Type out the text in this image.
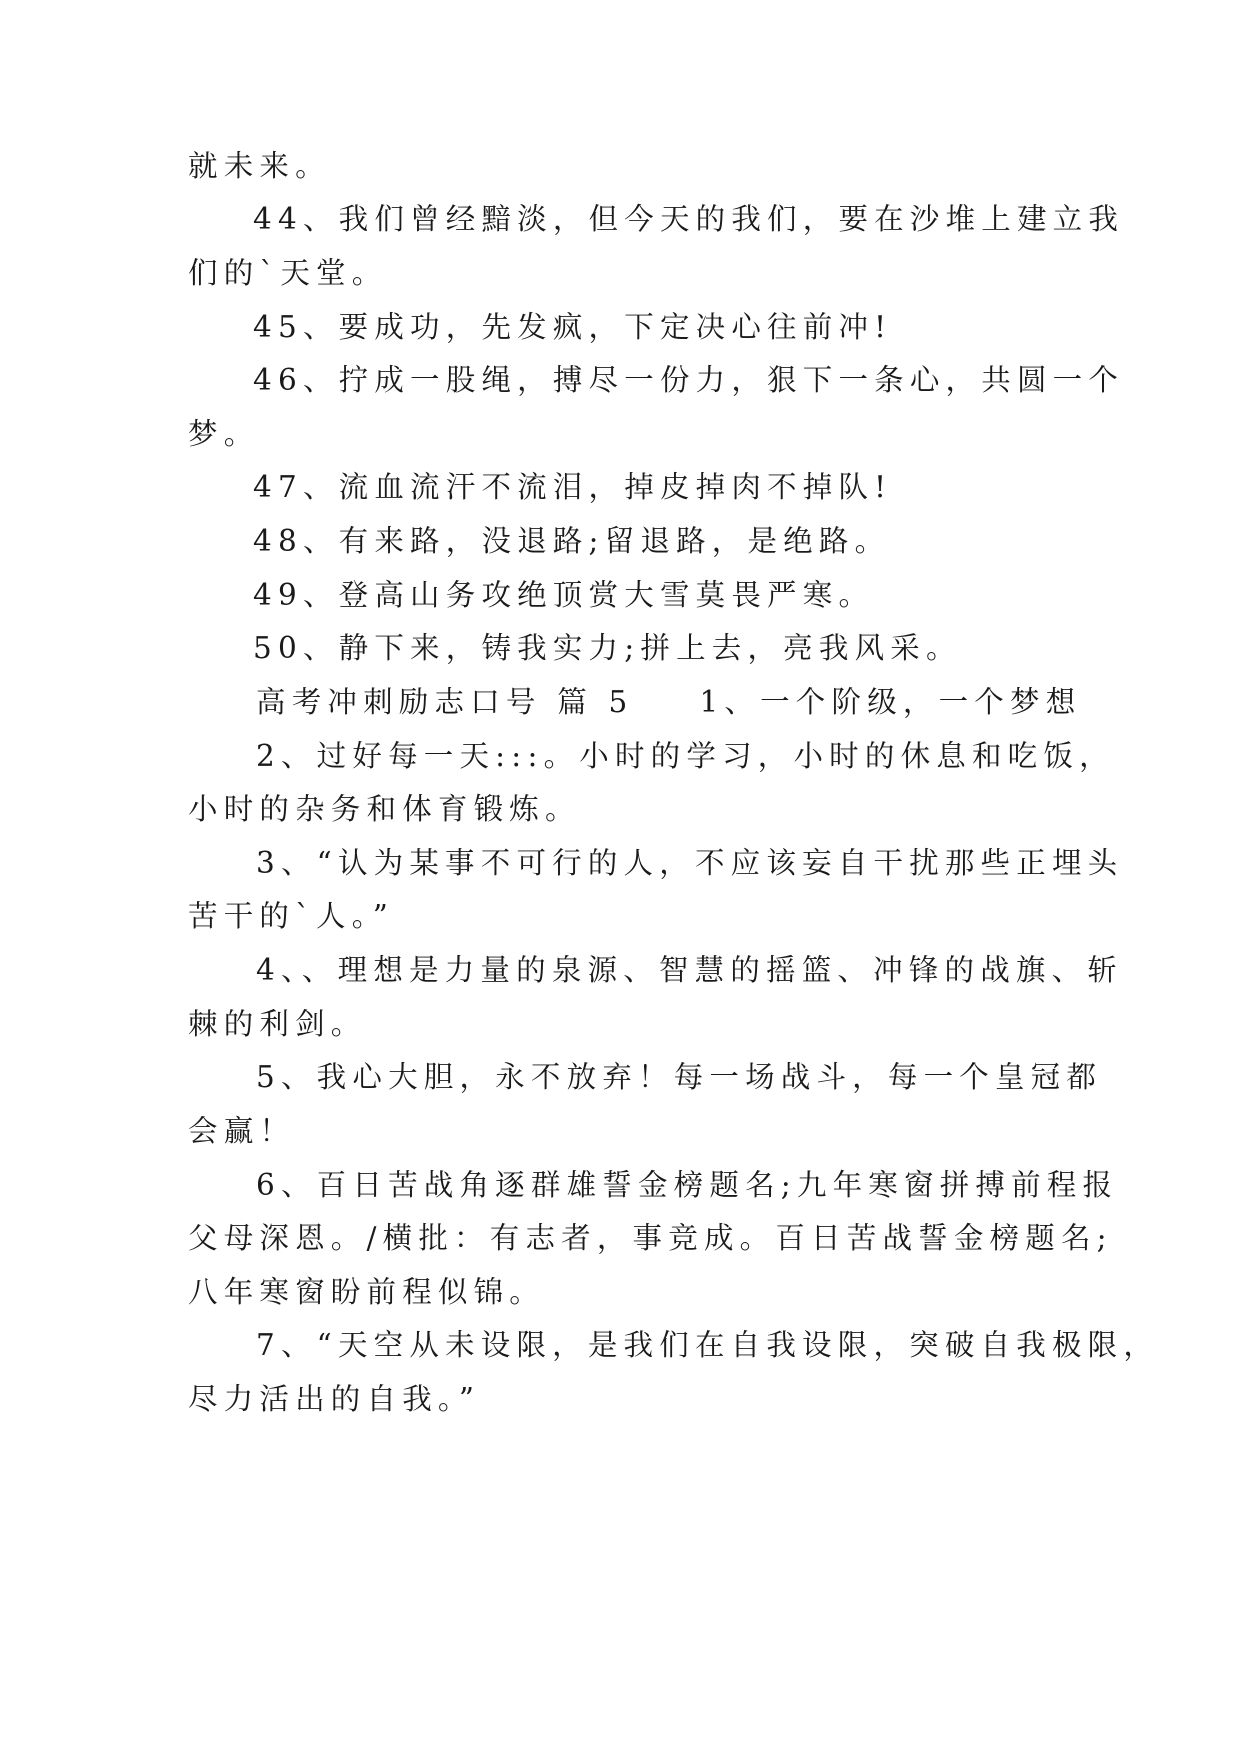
就未来。
44、我们曾经黯淡，但今天的我们，要在沙堆上建立我
们的`天堂。
45、要成功，先发疯，下定决心往前冲!
46、拧成一股绳，搏尽一份力，狠下一条心，共圆一个
梦。
47、流血流汗不流泪，掉皮掉肉不掉队!
48、有来路，没退路;留退路，是绝路。
49、登高山务攻绝顶赏大雪莫畏严寒。
50、静下来，铸我实力;拼上去，亮我风采。
高考冲刺励志口号 篇 5 1、一个阶级，一个梦想
2、过好每一天:::。小时的学习，小时的休息和吃饭，
小时的杂务和体育锻炼。
3、“认为某事不可行的人，不应该妄自干扰那些正埋头
苦干的`人。”
4、、理想是力量的泉源、智慧的摇篮、冲锋的战旗、斩
棘的利剑。
5、我心大胆，永不放弃！每一场战斗，每一个皇冠都
会赢！
6、百日苦战角逐群雄誓金榜题名;九年寒窗拼搏前程报
父母深恩。/横批：有志者，事竞成。百日苦战誓金榜题名;
八年寒窗盼前程似锦。
7、“天空从未设限，是我们在自我设限，突破自我极限，
尽力活出的自我。”
